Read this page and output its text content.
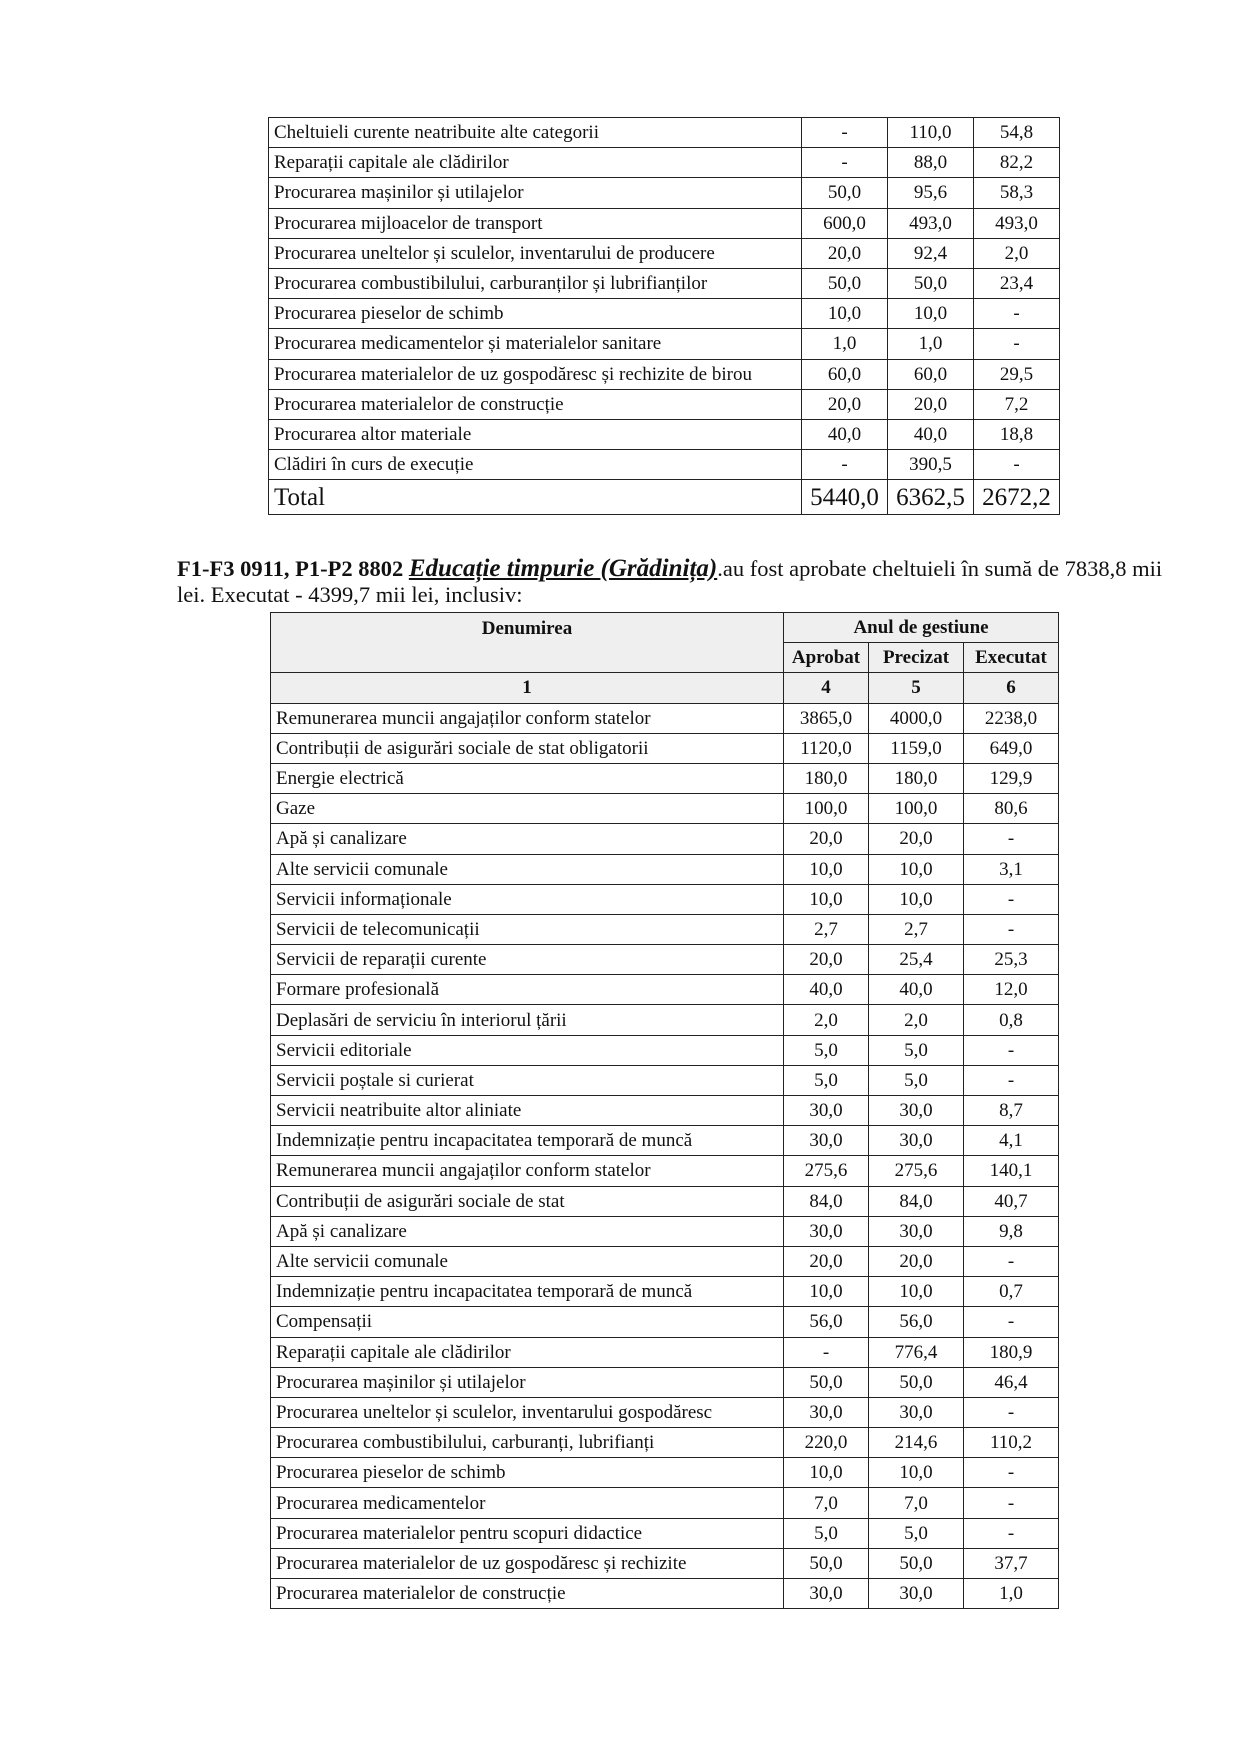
Cheltuieli curente neatribuite alte categorii	-	110,0	54,8
Reparații capitale ale clădirilor	-	88,0	82,2
Procurarea mașinilor și utilajelor	50,0	95,6	58,3
Procurarea mijloacelor de transport	600,0	493,0	493,0
Procurarea uneltelor și sculelor, inventarului de producere	20,0	92,4	2,0
Procurarea combustibilului, carburanților și lubrifianților	50,0	50,0	23,4
Procurarea pieselor de schimb	10,0	10,0	-
Procurarea medicamentelor și materialelor sanitare	1,0	1,0	-
Procurarea materialelor de uz gospodăresc și rechizite de birou	60,0	60,0	29,5
Procurarea materialelor de construcție	20,0	20,0	7,2
Procurarea altor materiale	40,0	40,0	18,8
Clădiri în curs de execuție	-	390,5	-
Total	5440,0	6362,5	2672,2

F1-F3 0911, P1-P2 8802 Educație timpurie (Grădinița).au fost aprobate cheltuieli în sumă de 7838,8 mii lei. Executat - 4399,7 mii lei, inclusiv:

Denumirea	Anul de gestiune		
	Aprobat	Precizat	Executat
1	4	5	6
Remunerarea muncii angajaților conform statelor	3865,0	4000,0	2238,0
Contribuții de asigurări sociale de stat obligatorii	1120,0	1159,0	649,0
Energie electrică	180,0	180,0	129,9
Gaze	100,0	100,0	80,6
Apă și canalizare	20,0	20,0	-
Alte servicii comunale	10,0	10,0	3,1
Servicii informaționale	10,0	10,0	-
Servicii de telecomunicații	2,7	2,7	-
Servicii de reparații curente	20,0	25,4	25,3
Formare profesională	40,0	40,0	12,0
Deplasări de serviciu în interiorul țării	2,0	2,0	0,8
Servicii editoriale	5,0	5,0	-
Servicii poștale si curierat	5,0	5,0	-
Servicii neatribuite altor aliniate	30,0	30,0	8,7
Indemnizație pentru incapacitatea temporară de muncă	30,0	30,0	4,1
Remunerarea muncii angajaților conform statelor	275,6	275,6	140,1
Contribuții de asigurări sociale de stat	84,0	84,0	40,7
Apă și canalizare	30,0	30,0	9,8
Alte servicii comunale	20,0	20,0	-
Indemnizație pentru incapacitatea temporară de muncă	10,0	10,0	0,7
Compensații	56,0	56,0	-
Reparații capitale ale clădirilor	-	776,4	180,9
Procurarea mașinilor și utilajelor	50,0	50,0	46,4
Procurarea uneltelor și sculelor, inventarului gospodăresc	30,0	30,0	-
Procurarea combustibilului, carburanți, lubrifianți	220,0	214,6	110,2
Procurarea pieselor de schimb	10,0	10,0	-
Procurarea medicamentelor	7,0	7,0	-
Procurarea materialelor pentru scopuri didactice	5,0	5,0	-
Procurarea materialelor de uz gospodăresc și rechizite	50,0	50,0	37,7
Procurarea materialelor de construcție	30,0	30,0	1,0
